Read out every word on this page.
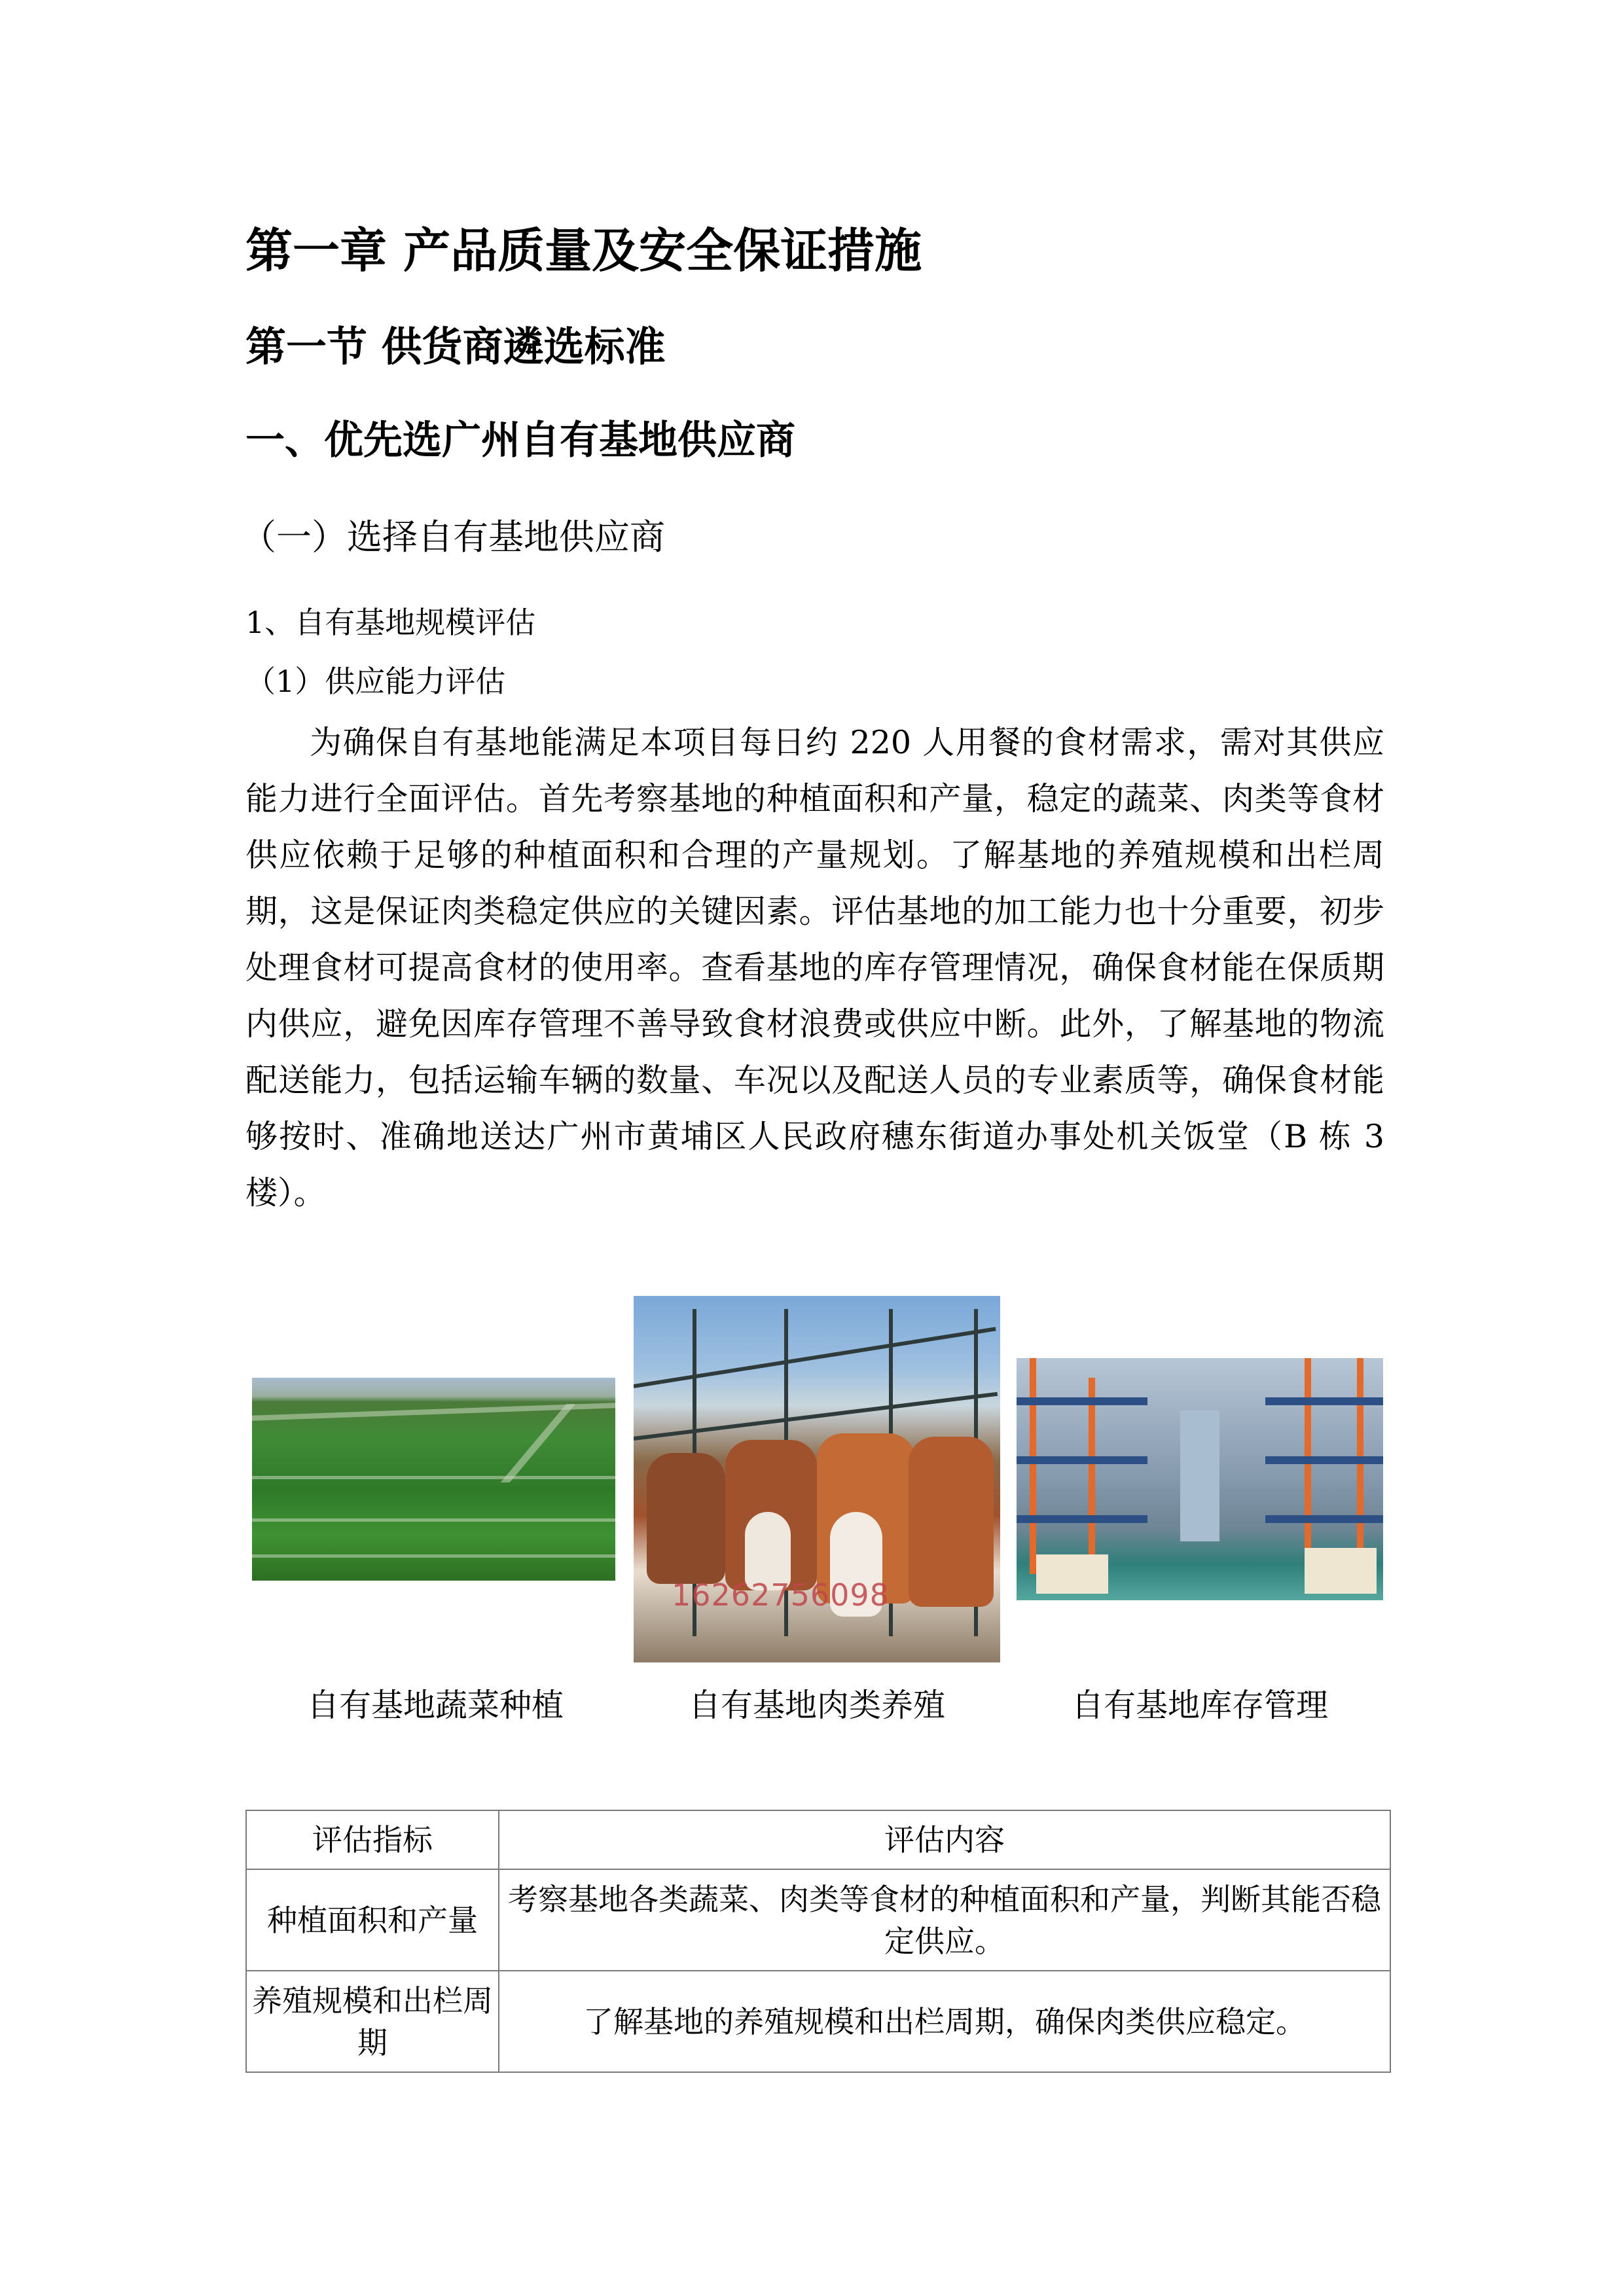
第一章 产品质量及安全保证措施
第一节 供货商遴选标准
一、优先选广州自有基地供应商
（一）选择自有基地供应商
1、自有基地规模评估
（1）供应能力评估

为确保自有基地能满足本项目每日约 220 人用餐的食材需求，需对其供应能力进行全面评估。首先考察基地的种植面积和产量，稳定的蔬菜、肉类等食材供应依赖于足够的种植面积和合理的产量规划。了解基地的养殖规模和出栏周期，这是保证肉类稳定供应的关键因素。评估基地的加工能力也十分重要，初步处理食材可提高食材的使用率。查看基地的库存管理情况，确保食材能在保质期内供应，避免因库存管理不善导致食材浪费或供应中断。此外，了解基地的物流配送能力，包括运输车辆的数量、车况以及配送人员的专业素质等，确保食材能够按时、准确地送达广州市黄埔区人民政府穗东街道办事处机关饭堂（B 栋 3 楼）。

16262756098
自有基地蔬菜种植	自有基地肉类养殖	自有基地库存管理
评估指标	评估内容
种植面积和产量	考察基地各类蔬菜、肉类等食材的种植面积和产量，判断其能否稳定供应。
养殖规模和出栏周期	了解基地的养殖规模和出栏周期，确保肉类供应稳定。
